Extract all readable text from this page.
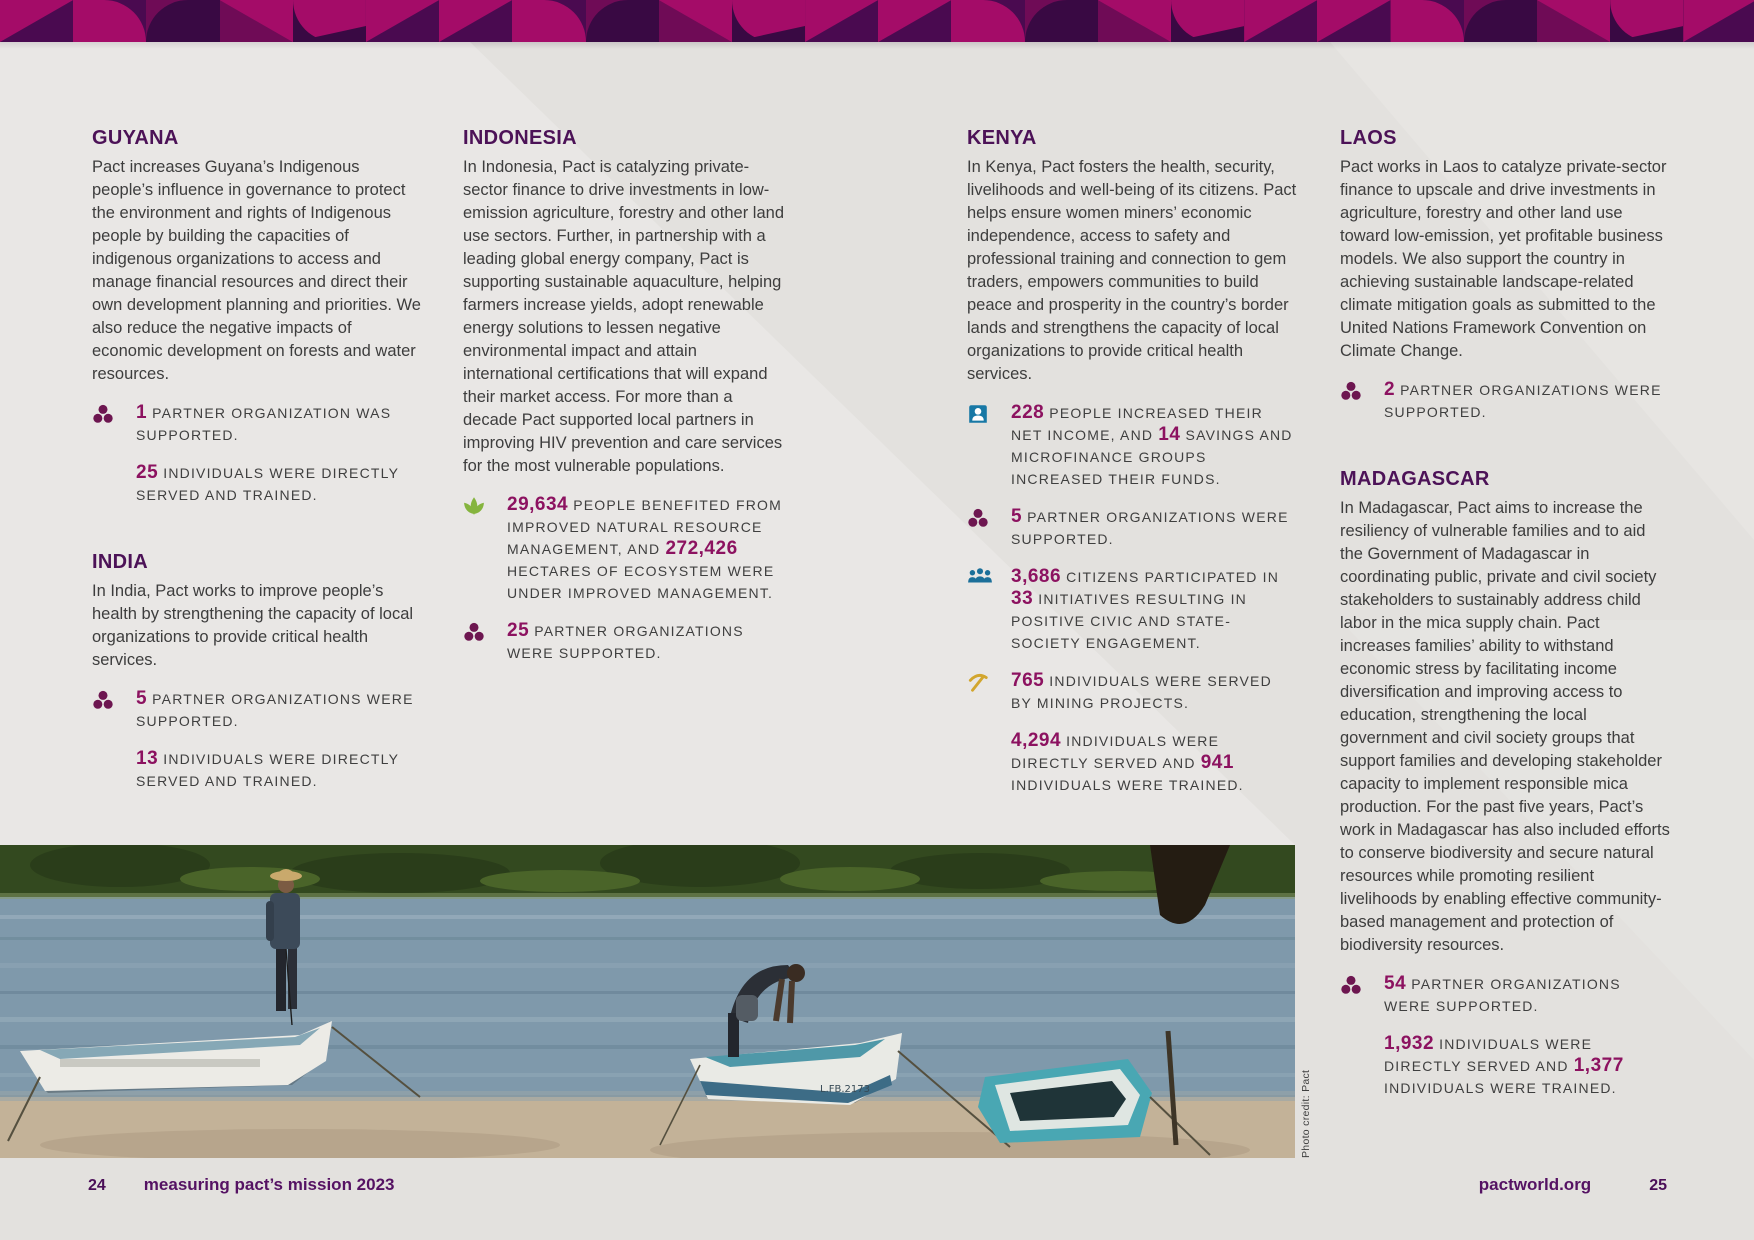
GUYANA

Pact increases Guyana’s Indigenous people’s influence in governance to protect the environment and rights of Indigenous people by building the capacities of indigenous organizations to access and manage financial resources and direct their own development planning and priorities. We also reduce the negative impacts of economic development on forests and water resources.

1 PARTNER ORGANIZATION WAS SUPPORTED.
25 INDIVIDUALS WERE DIRECTLY SERVED AND TRAINED.
INDIA

In India, Pact works to improve people’s health by strengthening the capacity of local organizations to provide critical health services.

5 PARTNER ORGANIZATIONS WERE SUPPORTED.
13 INDIVIDUALS WERE DIRECTLY SERVED AND TRAINED.
INDONESIA

In Indonesia, Pact is catalyzing private-sector finance to drive investments in low-emission agriculture, forestry and other land use sectors. Further, in partnership with a leading global energy company, Pact is supporting sustainable aquaculture, helping farmers increase yields, adopt renewable energy solutions to lessen negative environmental impact and attain international certifications that will expand their market access. For more than a decade Pact supported local partners in improving HIV prevention and care services for the most vulnerable populations.

29,634 PEOPLE BENEFITED FROM IMPROVED NATURAL RESOURCE MANAGEMENT, AND 272,426 HECTARES OF ECOSYSTEM WERE UNDER IMPROVED MANAGEMENT.
25 PARTNER ORGANIZATIONS WERE SUPPORTED.
KENYA

In Kenya, Pact fosters the health, security, livelihoods and well-being of its citizens. Pact helps ensure women miners’ economic independence, access to safety and professional training and connection to gem traders, empowers communities to build peace and prosperity in the country’s border lands and strengthens the capacity of local organizations to provide critical health services.

228 PEOPLE INCREASED THEIR NET INCOME, AND 14 SAVINGS AND MICROFINANCE GROUPS INCREASED THEIR FUNDS.
5 PARTNER ORGANIZATIONS WERE SUPPORTED.
3,686 CITIZENS PARTICIPATED IN 33 INITIATIVES RESULTING IN POSITIVE CIVIC AND STATE-SOCIETY ENGAGEMENT.
765 INDIVIDUALS WERE SERVED BY MINING PROJECTS.
4,294 INDIVIDUALS WERE DIRECTLY SERVED AND 941 INDIVIDUALS WERE TRAINED.
LAOS

Pact works in Laos to catalyze private-sector finance to upscale and drive investments in agriculture, forestry and other land use toward low-emission, yet profitable business models. We also support the country in achieving sustainable landscape-related climate mitigation goals as submitted to the United Nations Framework Convention on Climate Change.

2 PARTNER ORGANIZATIONS WERE SUPPORTED.
MADAGASCAR

In Madagascar, Pact aims to increase the resiliency of vulnerable families and to aid the Government of Madagascar in coordinating public, private and civil society stakeholders to sustainably address child labor in the mica supply chain. Pact increases families’ ability to withstand economic stress by facilitating income diversification and improving access to education, strengthening the local government and civil society groups that support families and developing stakeholder capacity to implement responsible mica production. For the past five years, Pact’s work in Madagascar has also included efforts to conserve biodiversity and secure natural resources while promoting resilient livelihoods by enabling effective community-based management and protection of biodiversity resources.

54 PARTNER ORGANIZATIONS WERE SUPPORTED.
1,932 INDIVIDUALS WERE DIRECTLY SERVED AND 1,377 INDIVIDUALS WERE TRAINED.
L.FB.2173	Photo credit: Pact
24 measuring pact’s mission 2023	pactworld.org	25
